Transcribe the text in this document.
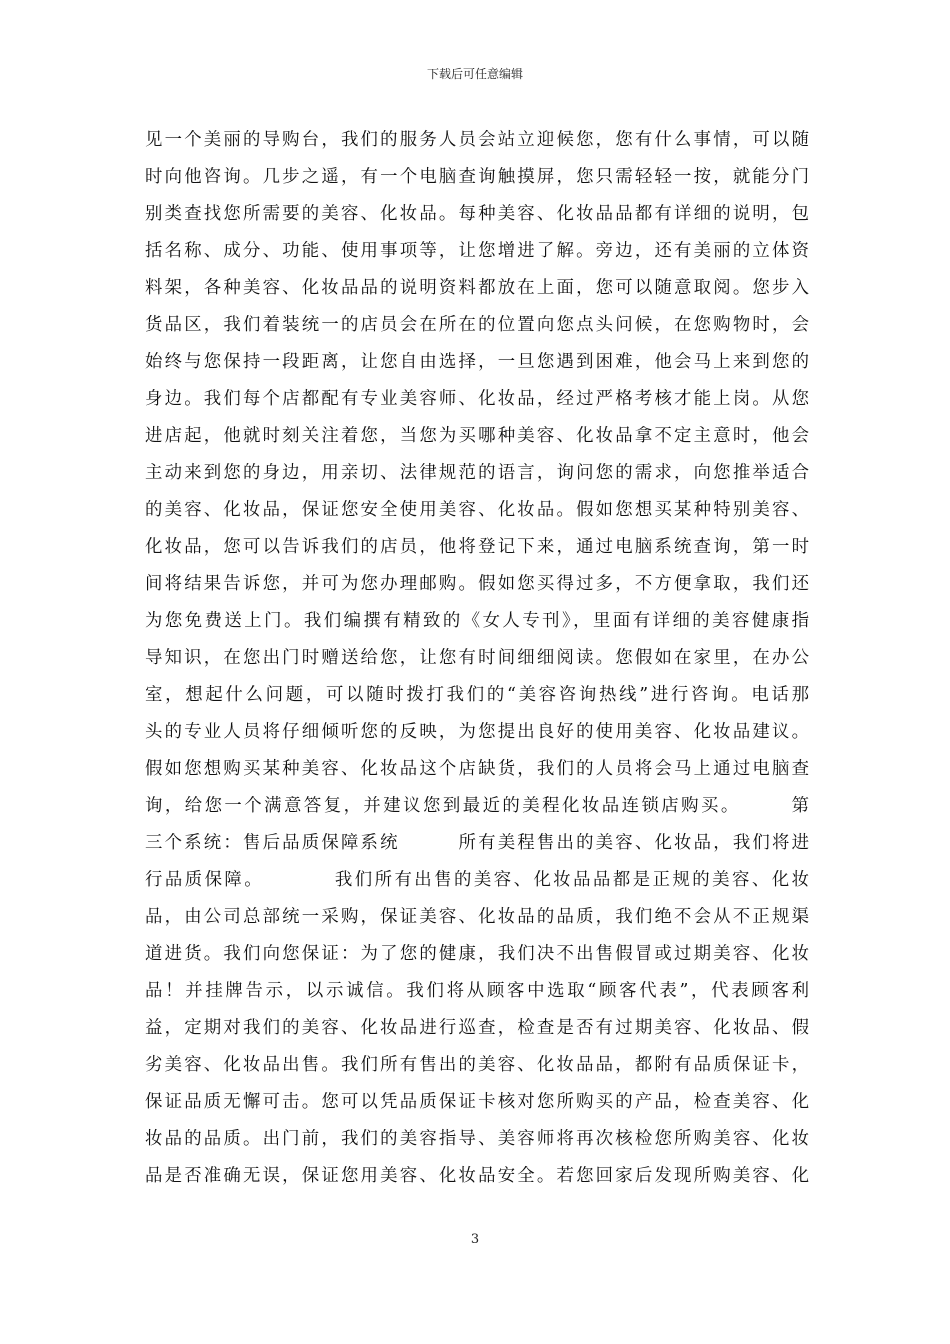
下载后可任意编辑
见一个美丽的导购台，我们的服务人员会站立迎候您，您有什么事情，可以随
时向他咨询。几步之遥，有一个电脑查询触摸屏，您只需轻轻一按，就能分门
别类查找您所需要的美容、化妆品。每种美容、化妆品品都有详细的说明，包
括名称、成分、功能、使用事项等，让您增进了解。旁边，还有美丽的立体资
料架，各种美容、化妆品品的说明资料都放在上面，您可以随意取阅。您步入
货品区，我们着装统一的店员会在所在的位置向您点头问候，在您购物时，会
始终与您保持一段距离，让您自由选择，一旦您遇到困难，他会马上来到您的
身边。我们每个店都配有专业美容师、化妆品，经过严格考核才能上岗。从您
进店起，他就时刻关注着您，当您为买哪种美容、化妆品拿不定主意时，他会
主动来到您的身边，用亲切、法律规范的语言，询问您的需求，向您推举适合
的美容、化妆品，保证您安全使用美容、化妆品。假如您想买某种特别美容、
化妆品，您可以告诉我们的店员，他将登记下来，通过电脑系统查询，第一时
间将结果告诉您，并可为您办理邮购。假如您买得过多，不方便拿取，我们还
为您免费送上门。我们编撰有精致的《女人专刊》，里面有详细的美容健康指
导知识，在您出门时赠送给您，让您有时间细细阅读。您假如在家里，在办公
室，想起什么问题，可以随时拨打我们的“美容咨询热线”进行咨询。电话那
头的专业人员将仔细倾听您的反映，为您提出良好的使用美容、化妆品建议。
假如您想购买某种美容、化妆品这个店缺货，我们的人员将会马上通过电脑查
询，给您一个满意答复，并建议您到最近的美程化妆品连锁店购买。　　　第
三个系统：售后品质保障系统　　　所有美程售出的美容、化妆品，我们将进
行品质保障。　　　　我们所有出售的美容、化妆品品都是正规的美容、化妆
品，由公司总部统一采购，保证美容、化妆品的品质，我们绝不会从不正规渠
道进货。我们向您保证：为了您的健康，我们决不出售假冒或过期美容、化妆
品！并挂牌告示，以示诚信。我们将从顾客中选取“顾客代表”，代表顾客利
益，定期对我们的美容、化妆品进行巡查，检查是否有过期美容、化妆品、假
劣美容、化妆品出售。我们所有售出的美容、化妆品品，都附有品质保证卡，
保证品质无懈可击。您可以凭品质保证卡核对您所购买的产品，检查美容、化
妆品的品质。出门前，我们的美容指导、美容师将再次核检您所购美容、化妆
品是否准确无误，保证您用美容、化妆品安全。若您回家后发现所购美容、化
3
